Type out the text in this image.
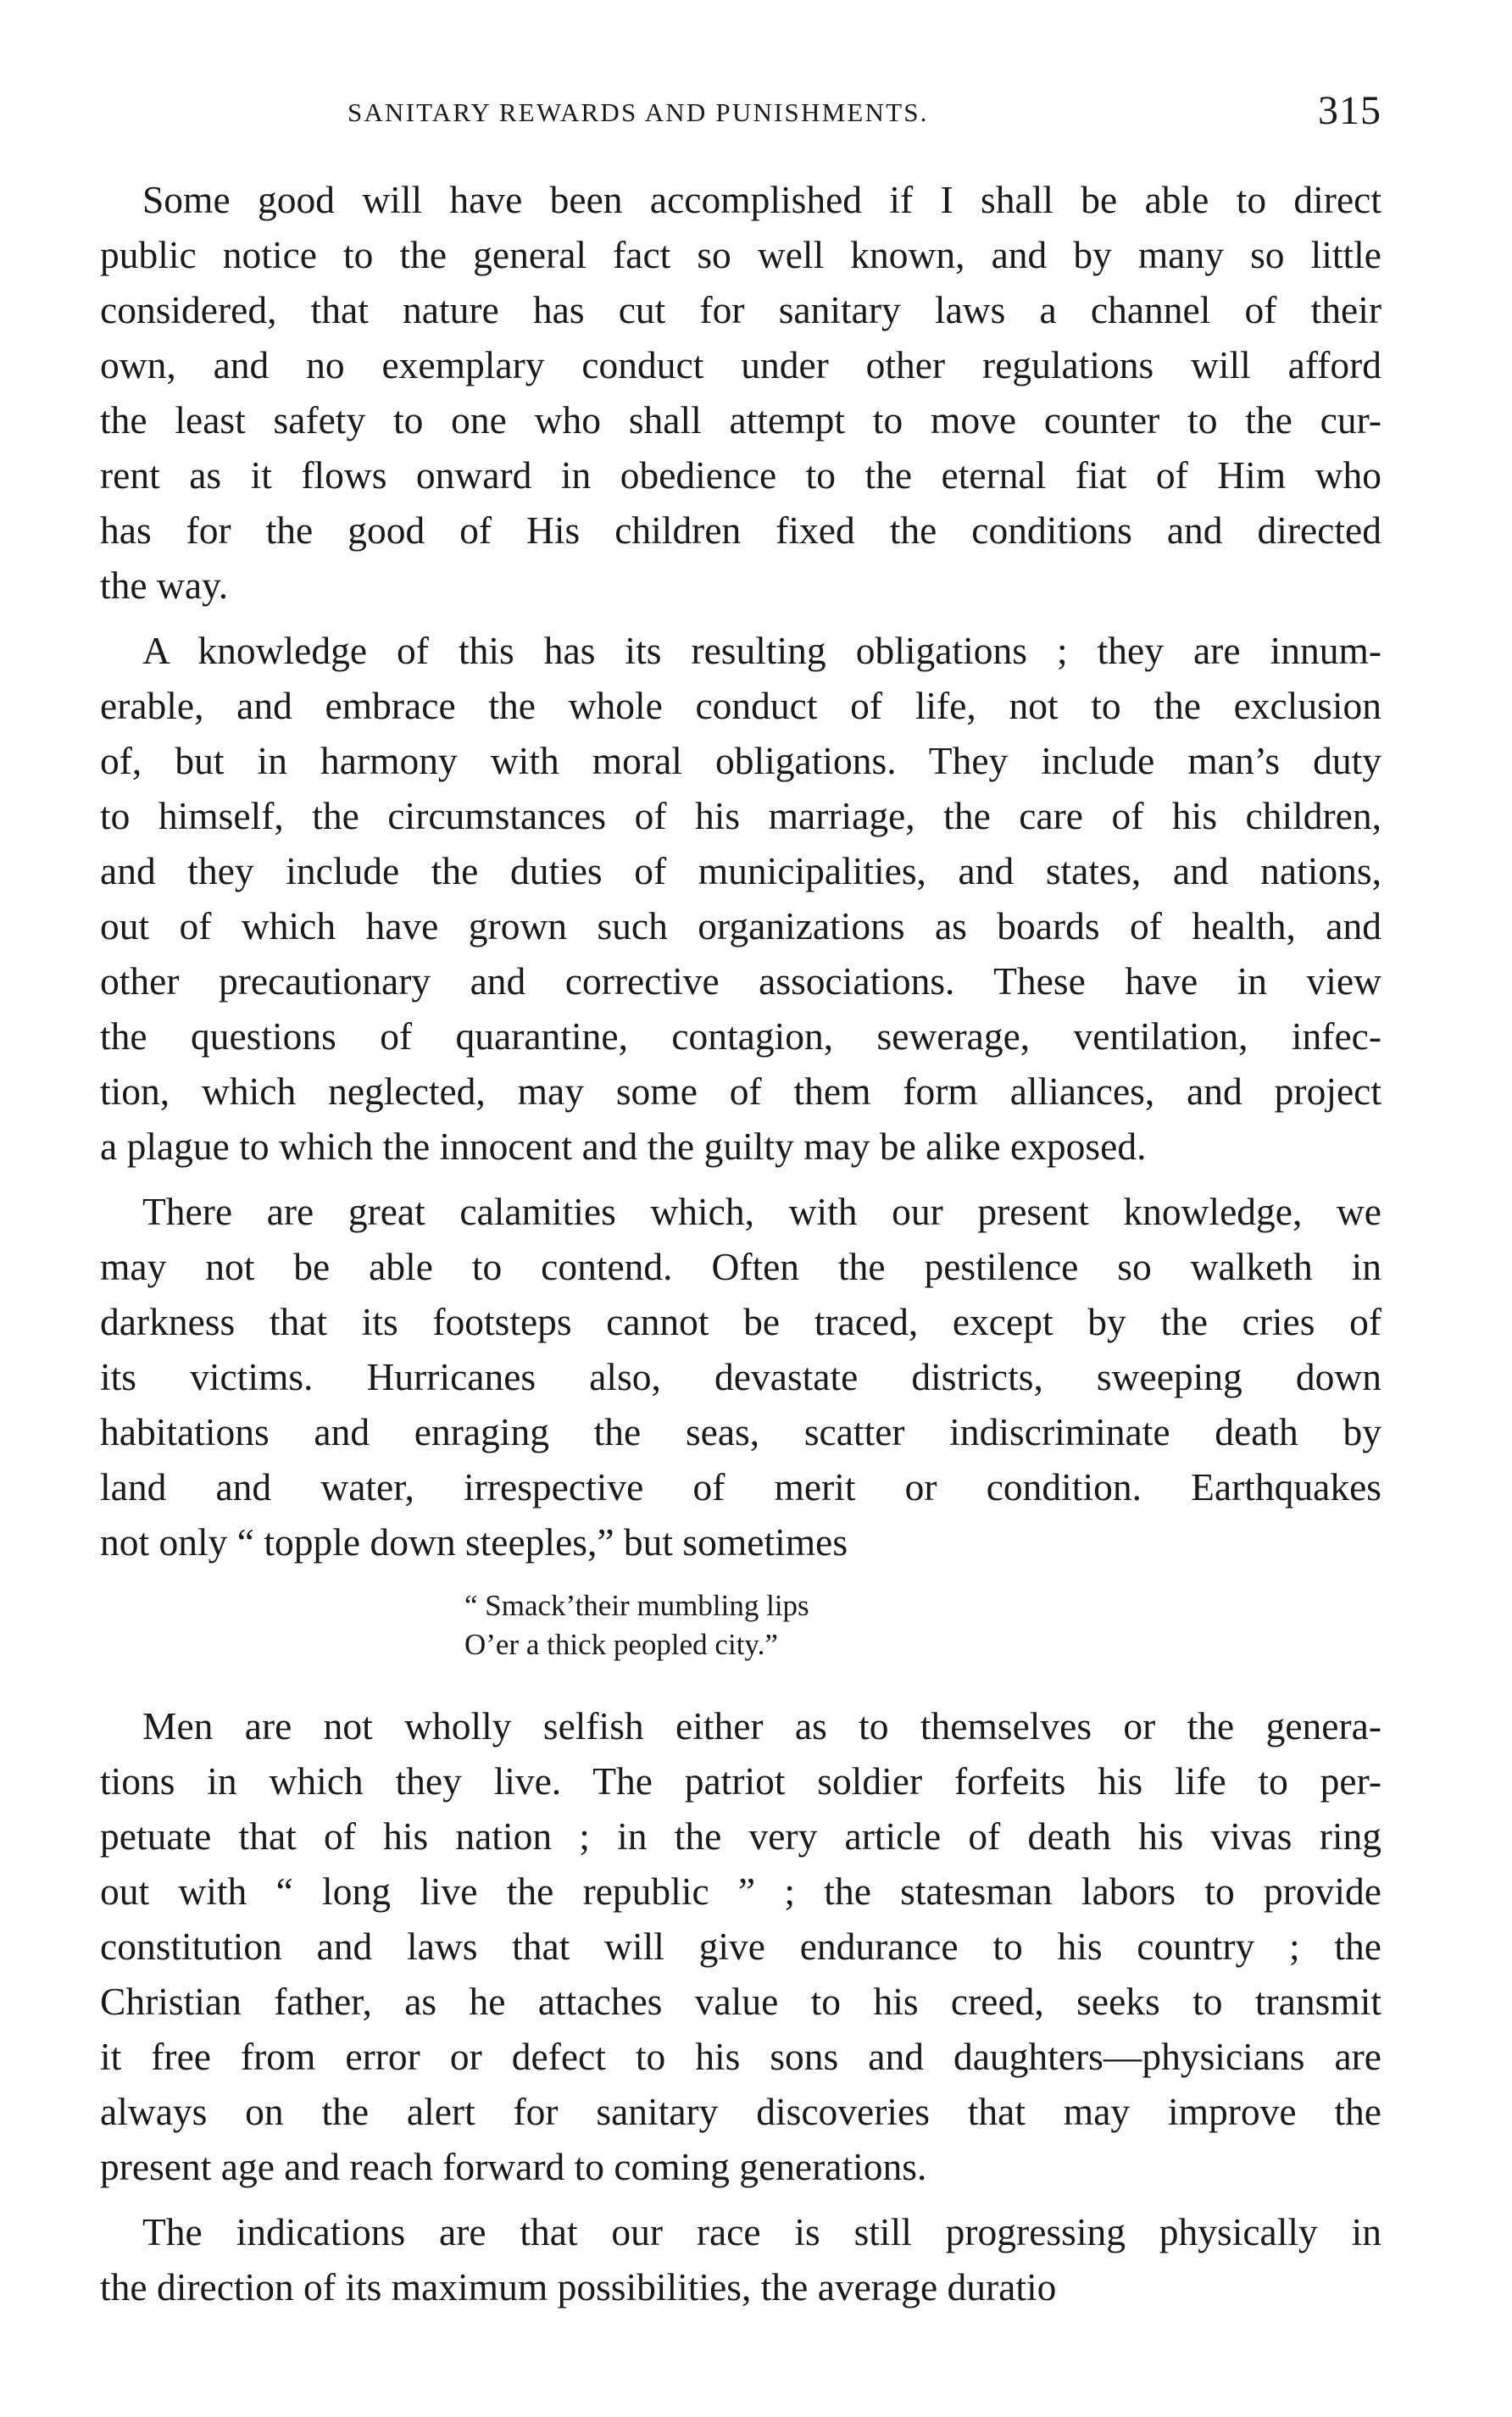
SANITARY REWARDS AND PUNISHMENTS.	315
Some good will have been accomplished if I shall be able to direct
public notice to the general fact so well known, and by many so little
considered, that nature has cut for sanitary laws a channel of their
own, and no exemplary conduct under other regulations will afford
the least safety to one who shall attempt to move counter to the cur-
rent as it flows onward in obedience to the eternal fiat of Him who
has for the good of His children fixed the conditions and directed
the way.
A knowledge of this has its resulting obligations ; they are innum-
erable, and embrace the whole conduct of life, not to the exclusion
of, but in harmony with moral obligations. They include man’s duty
to himself, the circumstances of his marriage, the care of his children,
and they include the duties of municipalities, and states, and nations,
out of which have grown such organizations as boards of health, and
other precautionary and corrective associations. These have in view
the questions of quarantine, contagion, sewerage, ventilation, infec-
tion, which neglected, may some of them form alliances, and project
a plague to which the innocent and the guilty may be alike exposed.
There are great calamities which, with our present knowledge, we
may not be able to contend. Often the pestilence so walketh in
darkness that its footsteps cannot be traced, except by the cries of
its victims. Hurricanes also, devastate districts, sweeping down
habitations and enraging the seas, scatter indiscriminate death by
land and water, irrespective of merit or condition. Earthquakes
not only “ topple down steeples,” but sometimes
“ Smack’their mumbling lips
O’er a thick peopled city.”
Men are not wholly selfish either as to themselves or the genera-
tions in which they live. The patriot soldier forfeits his life to per-
petuate that of his nation ; in the very article of death his vivas ring
out with “ long live the republic ” ; the statesman labors to provide
constitution and laws that will give endurance to his country ; the
Christian father, as he attaches value to his creed, seeks to transmit
it free from error or defect to his sons and daughters—physicians are
always on the alert for sanitary discoveries that may improve the
present age and reach forward to coming generations.
The indications are that our race is still progressing physically in
the direction of its maximum possibilities, the average duratio
